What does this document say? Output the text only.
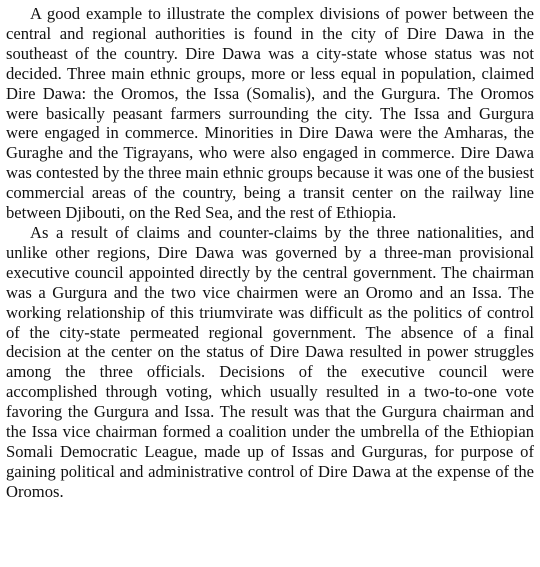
A good example to illustrate the complex divisions of power between the central and regional authorities is found in the city of Dire Dawa in the southeast of the country. Dire Dawa was a city-state whose status was not decided. Three main ethnic groups, more or less equal in population, claimed Dire Dawa: the Oromos, the Issa (Somalis), and the Gurgura. The Oromos were basically peasant farmers surrounding the city. The Issa and Gurgura were engaged in commerce. Minorities in Dire Dawa were the Amharas, the Guraghe and the Tigrayans, who were also engaged in commerce. Dire Dawa was contested by the three main ethnic groups because it was one of the busiest commercial areas of the country, being a transit center on the railway line between Djibouti, on the Red Sea, and the rest of Ethiopia.

As a result of claims and counter-claims by the three nationalities, and unlike other regions, Dire Dawa was governed by a three-man provisional executive council appointed directly by the central government. The chairman was a Gurgura and the two vice chairmen were an Oromo and an Issa. The working relationship of this triumvirate was difficult as the politics of control of the city-state permeated regional government. The absence of a final decision at the center on the status of Dire Dawa resulted in power struggles among the three officials. Decisions of the executive council were accomplished through voting, which usually resulted in a two-to-one vote favoring the Gurgura and Issa. The result was that the Gurgura chairman and the Issa vice chairman formed a coalition under the umbrella of the Ethiopian Somali Democratic League, made up of Issas and Gurguras, for purpose of gaining political and administrative control of Dire Dawa at the expense of the Oromos.
